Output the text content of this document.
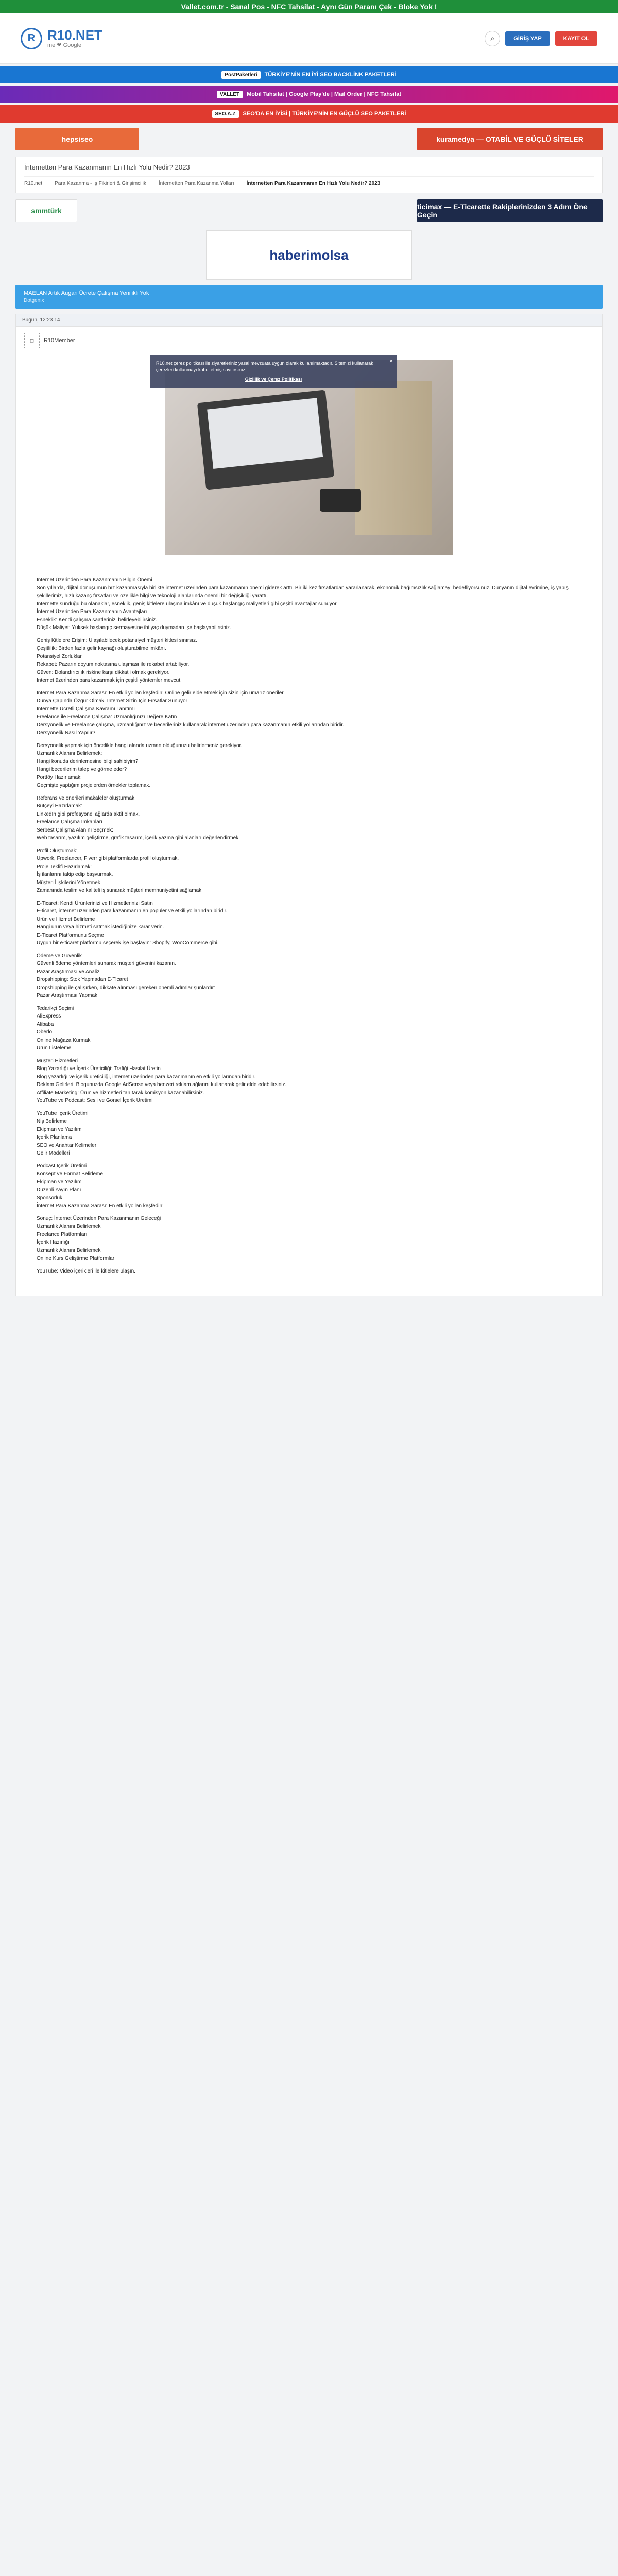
Vallet.com.tr - Sanal Pos - NFC Tahsilat - Aynı Gün Paranı Çek - Bloke Yok !
R R10.NET
me ❤ Google
⌕	GİRİŞ YAP	KAYIT OL
PostPaketleri	TÜRKİYE'NİN EN İYİ SEO BACKLİNK PAKETLERİ
VALLET	Mobil Tahsilat | Google Play'de | Mail Order | NFC Tahsilat
SEO.A.Z	SEO'DA EN İYİSİ | TÜRKİYE'NİN EN GÜÇLÜ SEO PAKETLERİ
hepsiseo	kuramedya — OTABİL VE GÜÇLÜ SİTELER
İnternetten Para Kazanmanın En Hızlı Yolu Nedir? 2023
R10.net Para Kazanma - İş Fikirleri & Girişimcilik İnternetten Para Kazanma Yolları İnternetten Para Kazanmanın En Hızlı Yolu Nedir? 2023
smmtürk	ticimax — E-Ticarette Rakiplerinizden 3 Adım Öne Geçin
haberimolsa
MAELAN Artık Augari Ücrete Çalışma Yenilikli Yok
Dotgenix
Bugün, 12:23 14
◻	R10Member
✕
R10.net çerez politikası ile ziyaretleriniz yasal mevzuata uygun olarak kullanılmaktadır. Sitemizi kullanarak çerezleri kullanmayı kabul etmiş sayılırsınız.
Gizlilik ve Çerez Politikası

İnternet Üzerinden Para Kazanmanın Bilgin Önemi

Son yıllarda, dijital dönüşümün hız kazanmasıyla birlikte internet üzerinden para kazanmanın önemi giderek arttı. Bir iki kez fırsatlardan yararlanarak, ekonomik bağımsızlık sağlamayı hedefliyorsunuz. Dünyanın dijital evrimine, iş yapış şekillerimiz, hızlı kazanç fırsatları ve özellikle bilgi ve teknoloji alanlarında önemli bir değişikliği yarattı.

İnternette sunduğu bu olanaklar, esneklik, geniş kitlelere ulaşma imkânı ve düşük başlangıç maliyetleri gibi çeşitli avantajlar sunuyor.

İnternet Üzerinden Para Kazanmanın Avantajları

Esneklik: Kendi çalışma saatlerinizi belirleyebilirsiniz.

Düşük Maliyet: Yüksek başlangıç sermayesine ihtiyaç duymadan işe başlayabilirsiniz.

Geniş Kitlelere Erişim: Ulaşılabilecek potansiyel müşteri kitlesi sınırsız.

Çeşitlilik: Birden fazla gelir kaynağı oluşturabilme imkânı.

Potansiyel Zorluklar

Rekabet: Pazarın doyum noktasına ulaşması ile rekabet artabiliyor.

Güven: Dolandırıcılık riskine karşı dikkatli olmak gerekiyor.

İnternet üzerinden para kazanmak için çeşitli yöntemler mevcut.

İnternet Para Kazanma Sarası: En etkili yollan keşfedin! Online gelir elde etmek için sizin için umarız öneriler.

Dünya Çapında Özgür Olmak: İnternet Sizin İçin Fırsatlar Sunuyor

İnternette Ücretli Çalışma Kavramı Tanıtımı

Freelance ile Freelance Çalışma: Uzmanlığınızı Değere Katın

Dersyonelik ve Freelance çalışma, uzmanlığınız ve becerileriniz kullanarak internet üzerinden para kazanmanın etkili yollarından biridir.

Dersyonelik Nasıl Yapılır?

Dersyonelik yapmak için öncelikle hangi alanda uzman olduğunuzu belirlemeniz gerekiyor.

Uzmanlık Alanını Belirlemek:

Hangi konuda derinlemesine bilgi sahibiyim?

Hangi becerilerim talep ve görme eder?

Portföy Hazırlamak:

Geçmişte yaptığım projelerden örnekler toplamak.

Referans ve önerileri makaleler oluşturmak.

Bütçeyi Hazırlamak:

LinkedIn gibi profesyonel ağlarda aktif olmak.

Freelance Çalışma İmkanları

Serbest Çalışma Alanını Seçmek:

Web tasarım, yazılım geliştirme, grafik tasarım, içerik yazma gibi alanları değerlendirmek.

Profil Oluşturmak:

Upwork, Freelancer, Fiverr gibi platformlarda profil oluşturmak.

Proje Teklifi Hazırlamak:

İş ilanlarını takip edip başvurmak.

Müşteri İlişkilerini Yönetmek

Zamanında teslim ve kaliteli iş sunarak müşteri memnuniyetini sağlamak.

E-Ticaret: Kendi Ürünlerinizi ve Hizmetlerinizi Satın

E-ticaret, internet üzerinden para kazanmanın en popüler ve etkili yollarından biridir.

Ürün ve Hizmet Belirleme

Hangi ürün veya hizmeti satmak istediğinize karar verin.

E-Ticaret Platformunu Seçme

Uygun bir e-ticaret platformu seçerek işe başlayın: Shopify, WooCommerce gibi.

Ödeme ve Güvenlik

Güvenli ödeme yöntemleri sunarak müşteri güvenini kazanın.

Pazar Araştırması ve Analiz

Dropshipping: Stok Yapmadan E-Ticaret

Dropshipping ile çalışırken, dikkate alınması gereken önemli adımlar şunlardır:

Pazar Araştırması Yapmak

Tedarikçi Seçimi

AliExpress

Alibaba

Oberlo

Online Mağaza Kurmak

Ürün Listeleme

Müşteri Hizmetleri

Blog Yazarlığı ve İçerik Üreticiliği: Trafiği Hasılat Üretin

Blog yazarlığı ve içerik üreticiliği, internet üzerinden para kazanmanın en etkili yollarından biridir.

Reklam Gelirleri: Blogunuzda Google AdSense veya benzeri reklam ağlarını kullanarak gelir elde edebilirsiniz.

Affiliate Marketing: Ürün ve hizmetleri tanıtarak komisyon kazanabilirsiniz.

YouTube ve Podcast: Sesli ve Görsel İçerik Üretimi

YouTube İçerik Üretimi

Niş Belirleme

Ekipman ve Yazılım

İçerik Planlama

SEO ve Anahtar Kelimeler

Gelir Modelleri

Podcast İçerik Üretimi

Konsept ve Format Belirleme

Ekipman ve Yazılım

Düzenli Yayın Planı

Sponsorluk

İnternet Para Kazanma Sarası: En etkili yollan keşfedin!

Sonuç: İnternet Üzerinden Para Kazanmanın Geleceği

Uzmanlık Alanını Belirlemek

Freelance Platformları

İçerik Hazırlığı

Uzmanlık Alanını Belirlemek

Online Kurs Geliştirme Platformları

YouTube: Video içerikleri ile kitlelere ulaşın.
